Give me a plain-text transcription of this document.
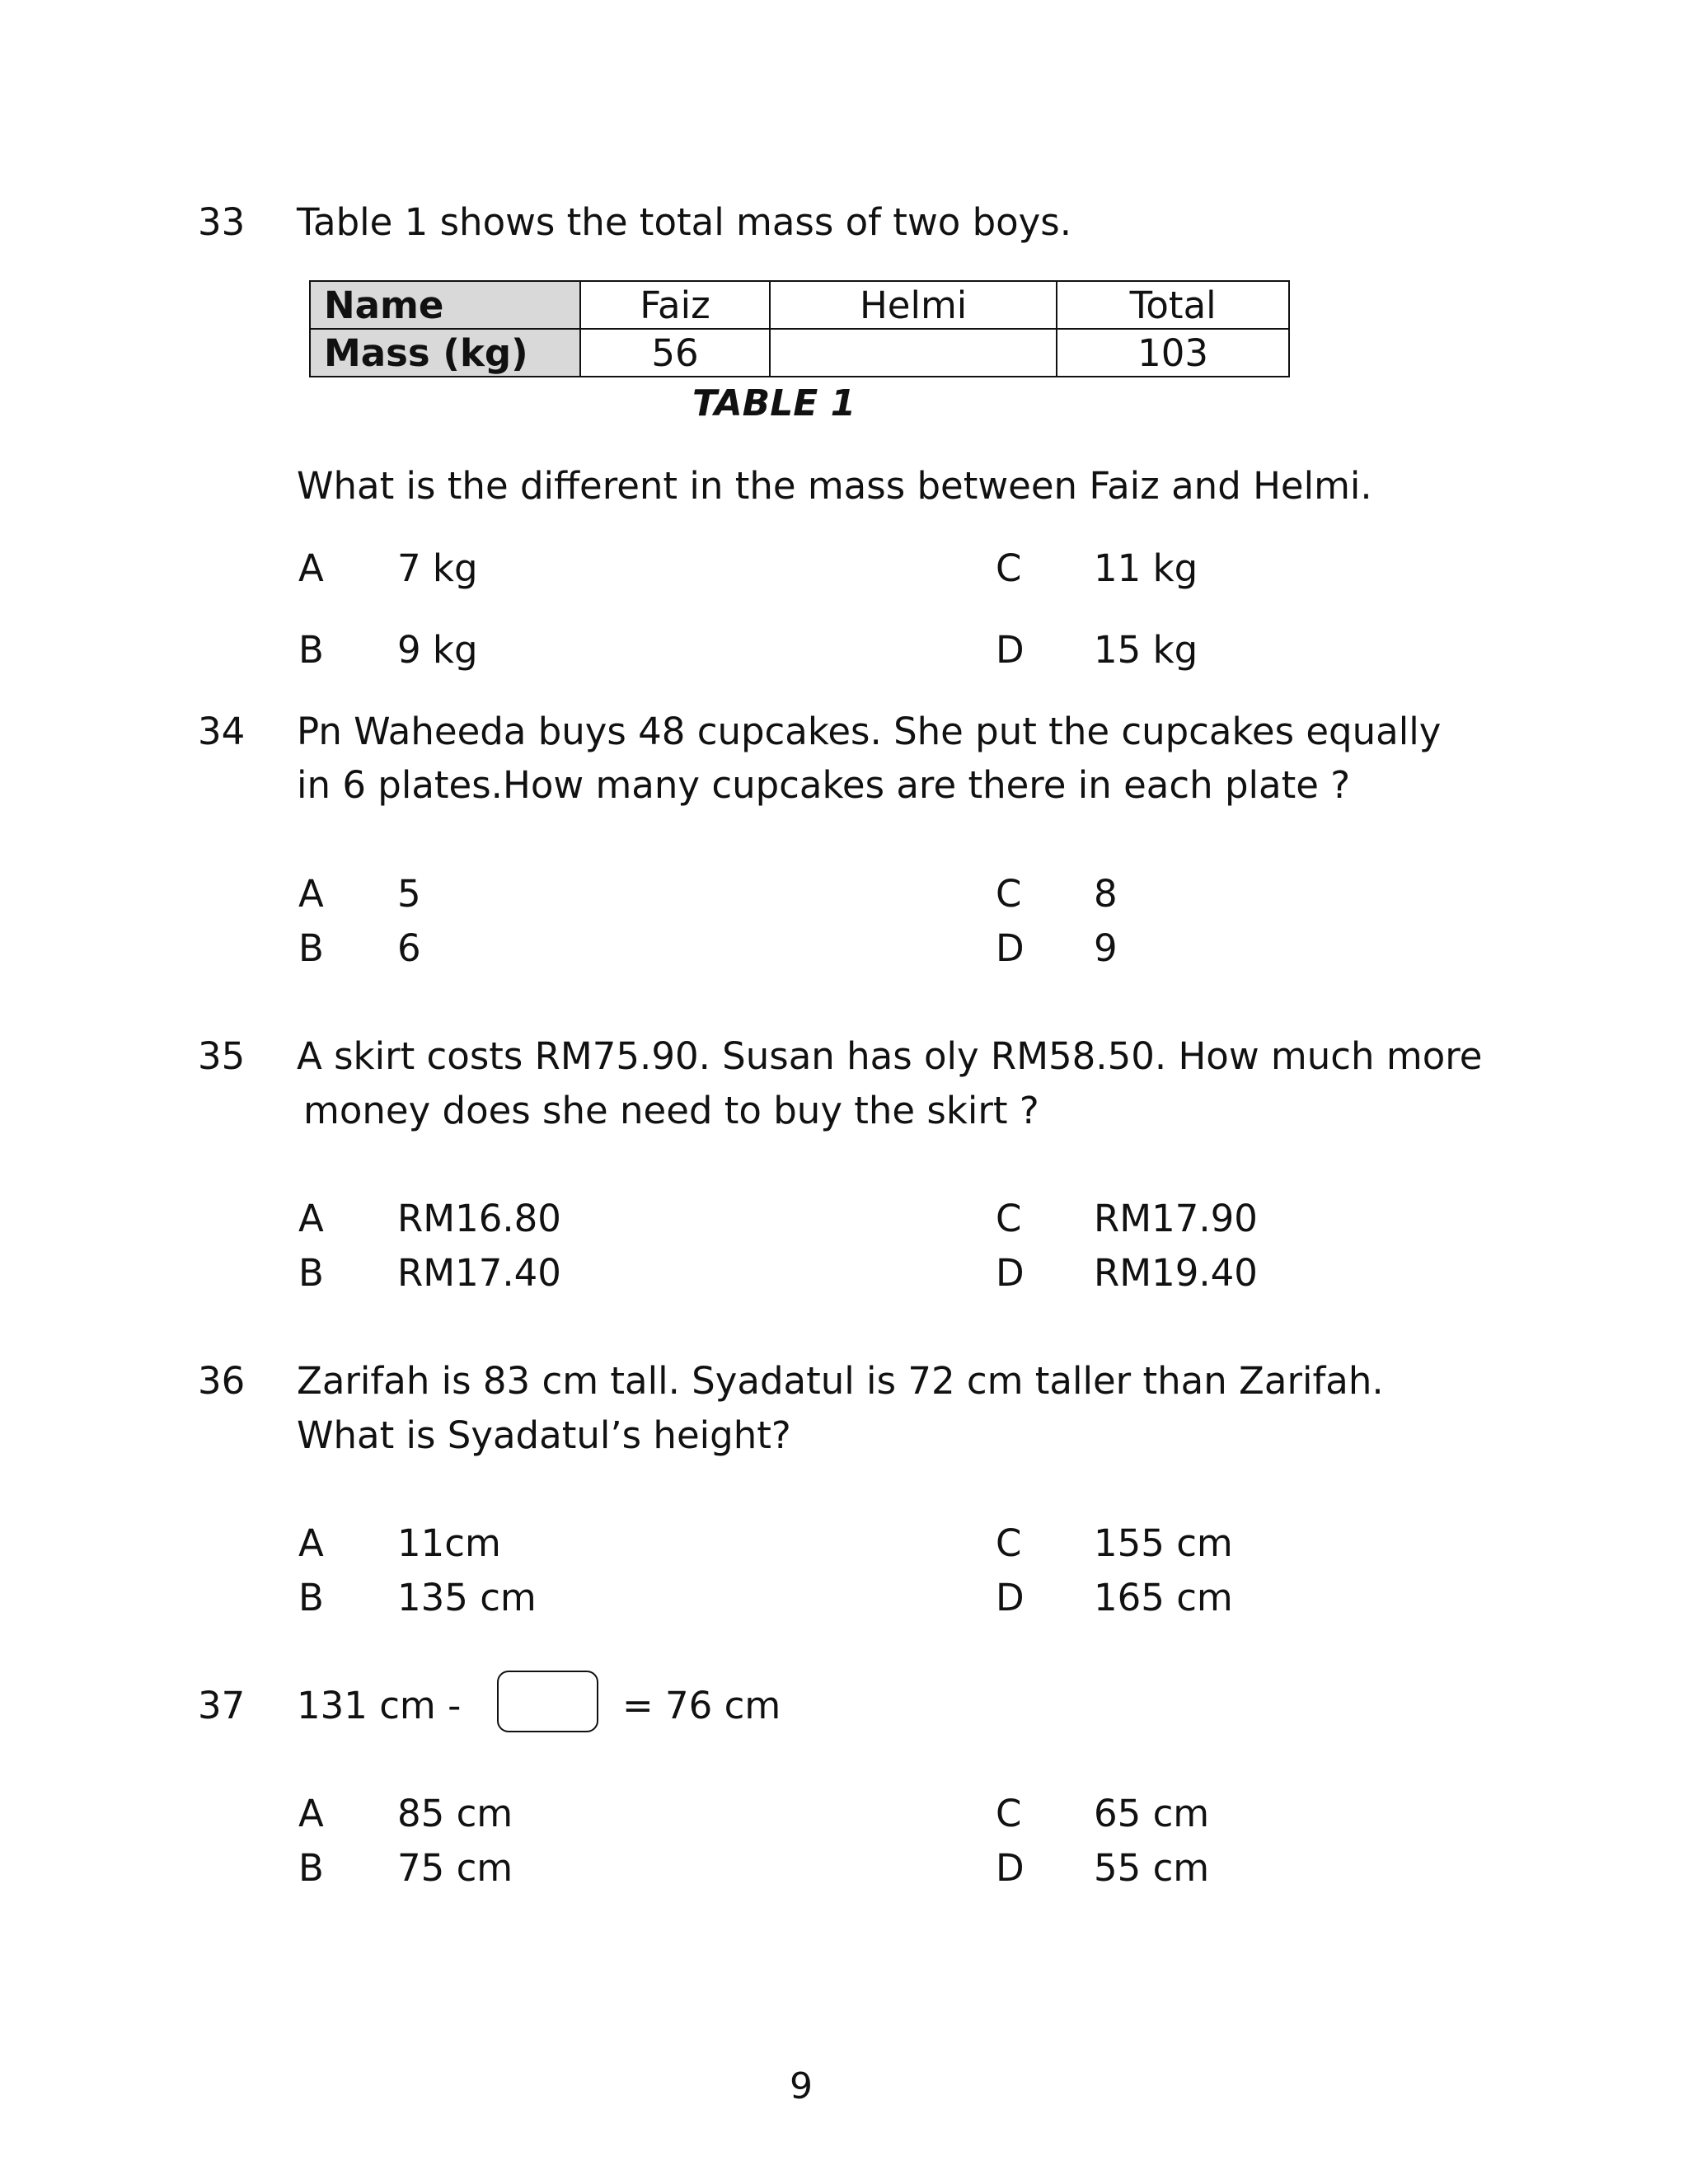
33 Table 1 shows the total mass of two boys.
Name	Faiz	Helmi	Total
Mass (kg)	56		103
TABLE 1
What is the different in the mass between Faiz and Helmi.
A 7 kg	C 11 kg
B 9 kg	D 15 kg
34 Pn Waheeda buys 48 cupcakes. She put the cupcakes equally
in 6 plates.How many cupcakes are there in each plate ?
A 5	C 8
B 6	D 9
35 A skirt costs RM75.90. Susan has oly RM58.50. How much more
money does she need to buy the skirt ?
A RM16.80	C RM17.90
B RM17.40	D RM19.40
36 Zarifah is 83 cm tall. Syadatul is 72 cm taller than Zarifah.
What is Syadatul’s height?
A 11cm	C 155 cm
B 135 cm	D 165 cm
37 131 cm -	= 76 cm
A 85 cm	C 65 cm
B 75 cm	D 55 cm
9
